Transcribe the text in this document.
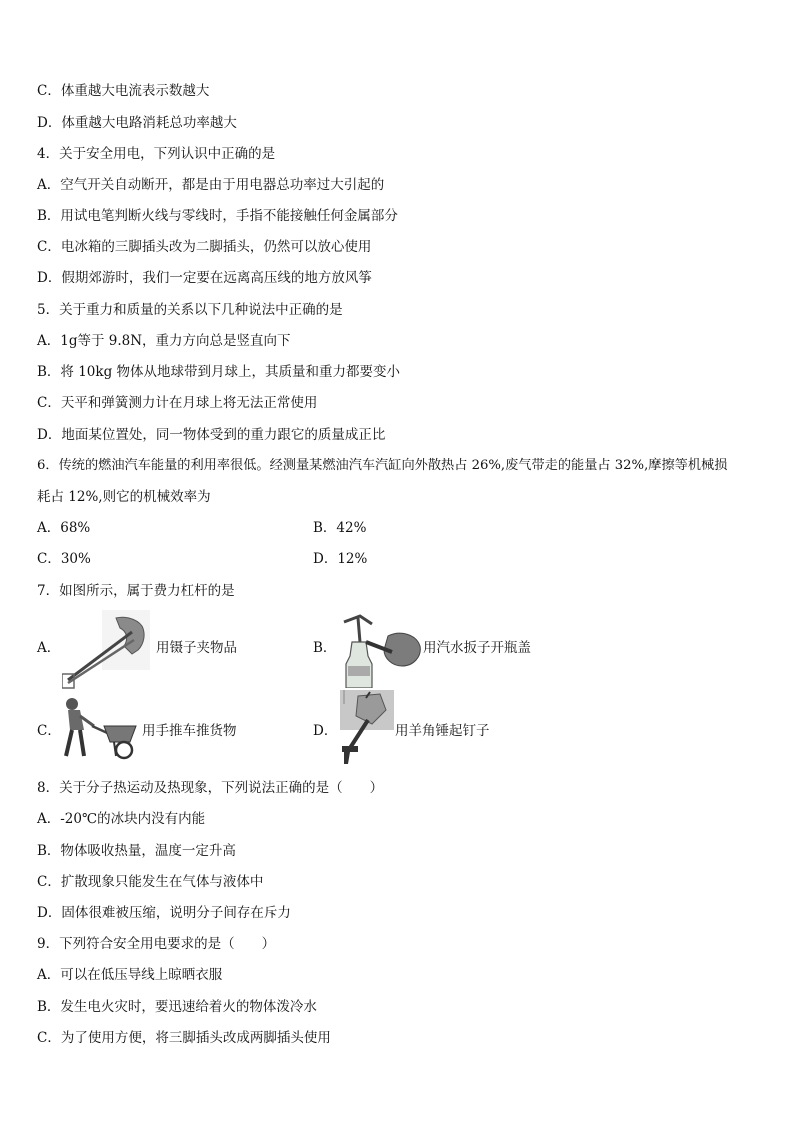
C．体重越大电流表示数越大
D．体重越大电路消耗总功率越大
4．关于安全用电，下列认识中正确的是
A．空气开关自动断开，都是由于用电器总功率过大引起的
B．用试电笔判断火线与零线时，手指不能接触任何金属部分
C．电冰箱的三脚插头改为二脚插头，仍然可以放心使用
D．假期郊游时，我们一定要在远离高压线的地方放风筝
5．关于重力和质量的关系以下几种说法中正确的是
A．1g等于 9.8N，重力方向总是竖直向下
B．将 10kg 物体从地球带到月球上，其质量和重力都要变小
C．天平和弹簧测力计在月球上将无法正常使用
D．地面某位置处，同一物体受到的重力跟它的质量成正比
6．传统的燃油汽车能量的利用率很低。经测量某燃油汽车汽缸向外散热占 26%,废气带走的能量占 32%,摩擦等机械损
耗占 12%,则它的机械效率为
A．68%	B．42%
C．30%	D．12%
7．如图所示，属于费力杠杆的是
A．	用镊子夹物品	B．	用汽水扳子开瓶盖
C．	用手推车推货物	D．	用羊角锤起钉子
8．关于分子热运动及热现象，下列说法正确的是（　　）
A．-20℃的冰块内没有内能
B．物体吸收热量，温度一定升高
C．扩散现象只能发生在气体与液体中
D．固体很难被压缩，说明分子间存在斥力
9．下列符合安全用电要求的是（　　）
A．可以在低压导线上晾晒衣服
B．发生电火灾时，要迅速给着火的物体泼冷水
C．为了使用方便，将三脚插头改成两脚插头使用
